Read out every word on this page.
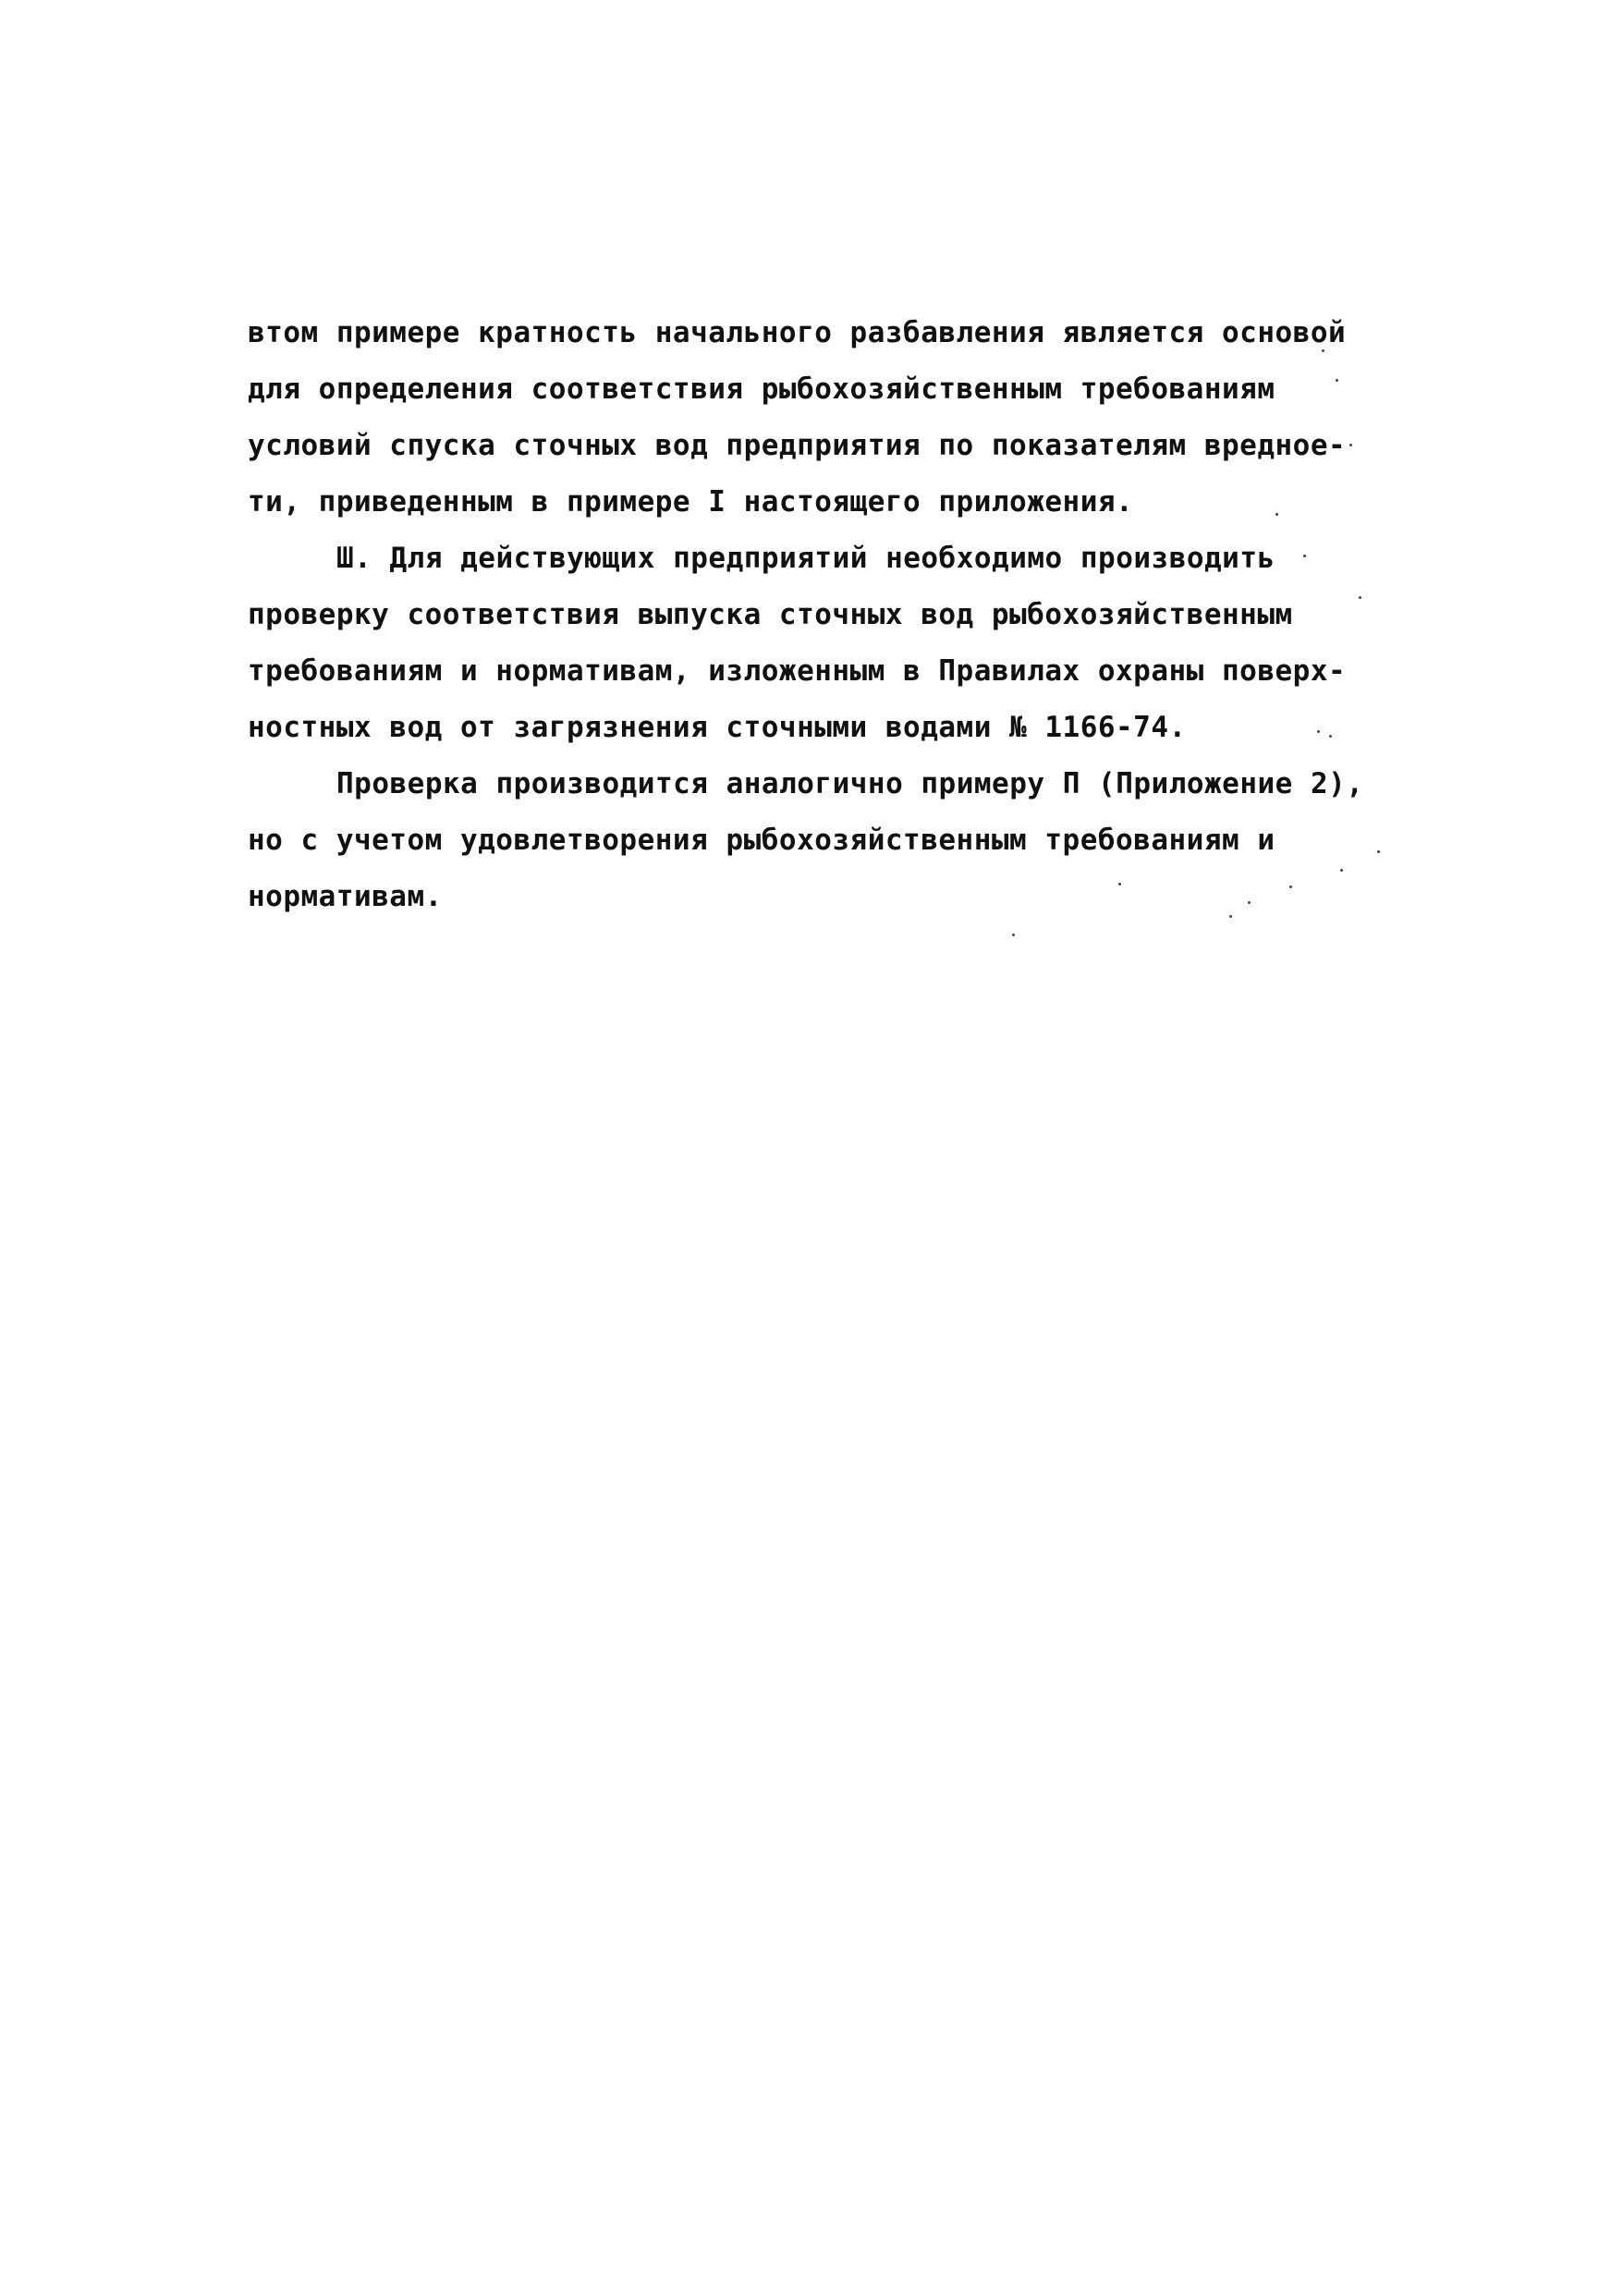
втом примере кратность начального разбавления является основой
для определения соответствия рыбохозяйственным требованиям
условий спуска сточных вод предприятия по показателям вредное-
ти, приведенным в примере I настоящего приложения.
Ш. Для действующих предприятий необходимо производить
проверку соответствия выпуска сточных вод рыбохозяйственным
требованиям и нормативам, изложенным в Правилах охраны поверх-
ностных вод от загрязнения сточными водами № 1166-74.
Проверка производится аналогично примеру П (Приложение 2),
но с учетом удовлетворения рыбохозяйственным требованиям и
нормативам.
